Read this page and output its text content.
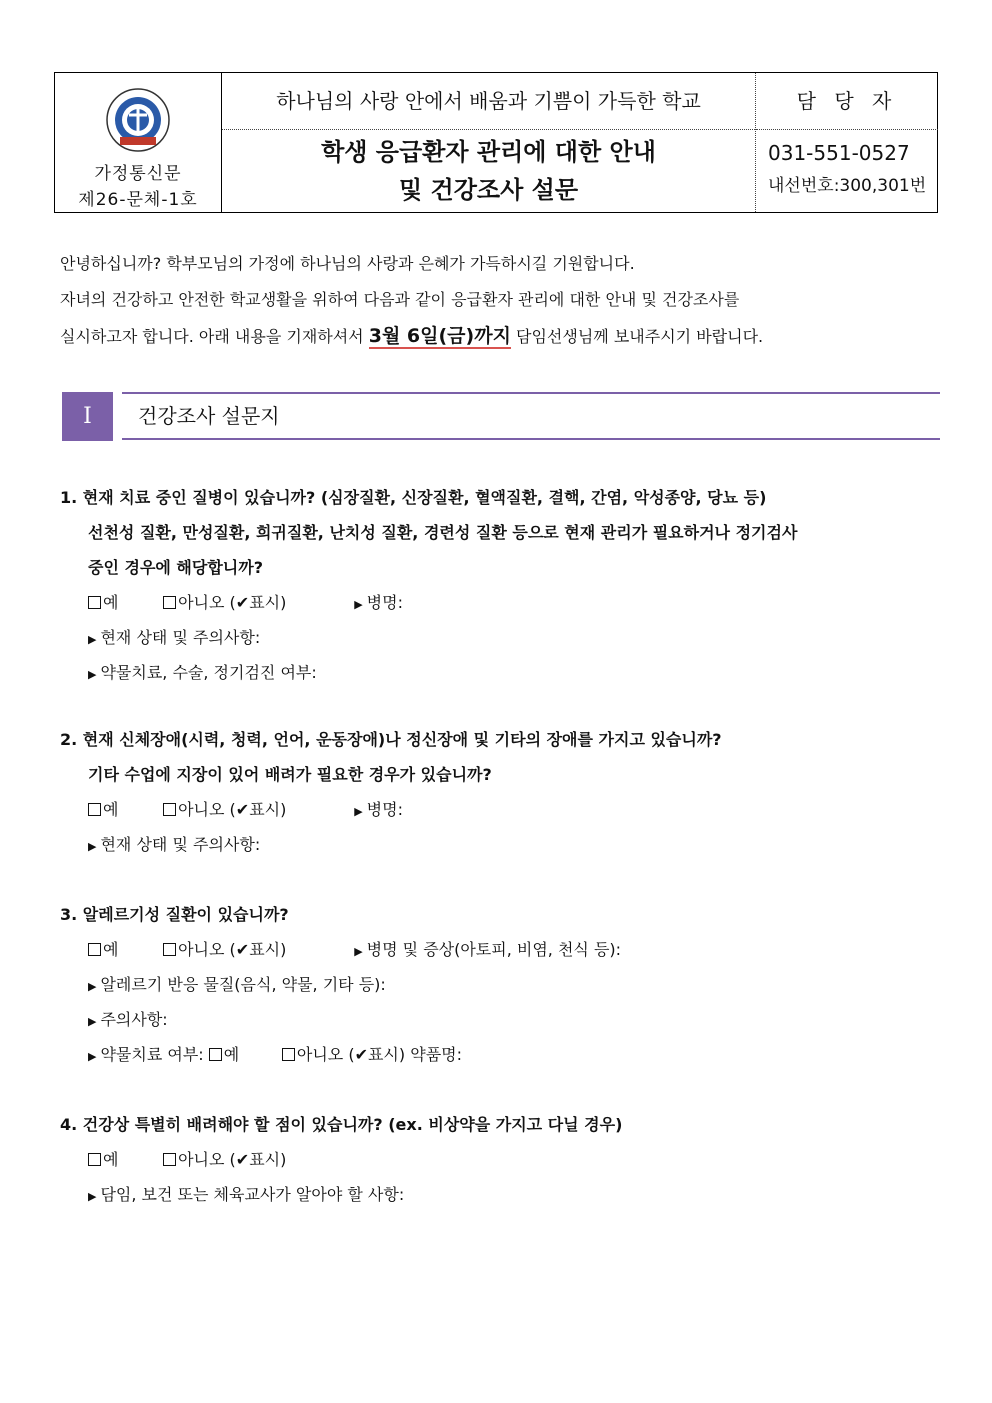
가정통신문
제26-문체-1호
하나님의 사랑 안에서 배움과 기쁨이 가득한 학교
학생 응급환자 관리에 대한 안내
및 건강조사 설문
담 당 자
031-551-0527
내선번호:300,301번
안녕하십니까? 학부모님의 가정에 하나님의 사랑과 은혜가 가득하시길 기원합니다.
자녀의 건강하고 안전한 학교생활을 위하여 다음과 같이 응급환자 관리에 대한 안내 및 건강조사를
실시하고자 합니다. 아래 내용을 기재하셔서 3월 6일(금)까지 담임선생님께 보내주시기 바랍니다.
I	건강조사 설문지
1. 현재 치료 중인 질병이 있습니까? (심장질환, 신장질환, 혈액질환, 결핵, 간염, 악성종양, 당뇨 등)
선천성 질환, 만성질환, 희귀질환, 난치성 질환, 경련성 질환 등으로 현재 관리가 필요하거나 정기검사
중인 경우에 해당합니까?
예	아니오 (✔표시)	▶ 병명:
▶ 현재 상태 및 주의사항:
▶ 약물치료, 수술, 정기검진 여부:
2. 현재 신체장애(시력, 청력, 언어, 운동장애)나 정신장애 및 기타의 장애를 가지고 있습니까?
기타 수업에 지장이 있어 배려가 필요한 경우가 있습니까?
예	아니오 (✔표시)	▶ 병명:
▶ 현재 상태 및 주의사항:
3. 알레르기성 질환이 있습니까?
예	아니오 (✔표시)	▶ 병명 및 증상(아토피, 비염, 천식 등):
▶ 알레르기 반응 물질(음식, 약물, 기타 등):
▶ 주의사항:
▶ 약물치료 여부: 예	아니오 (✔표시) 약품명:
4. 건강상 특별히 배려해야 할 점이 있습니까? (ex. 비상약을 가지고 다닐 경우)
예	아니오 (✔표시)
▶ 담임, 보건 또는 체육교사가 알아야 할 사항:
